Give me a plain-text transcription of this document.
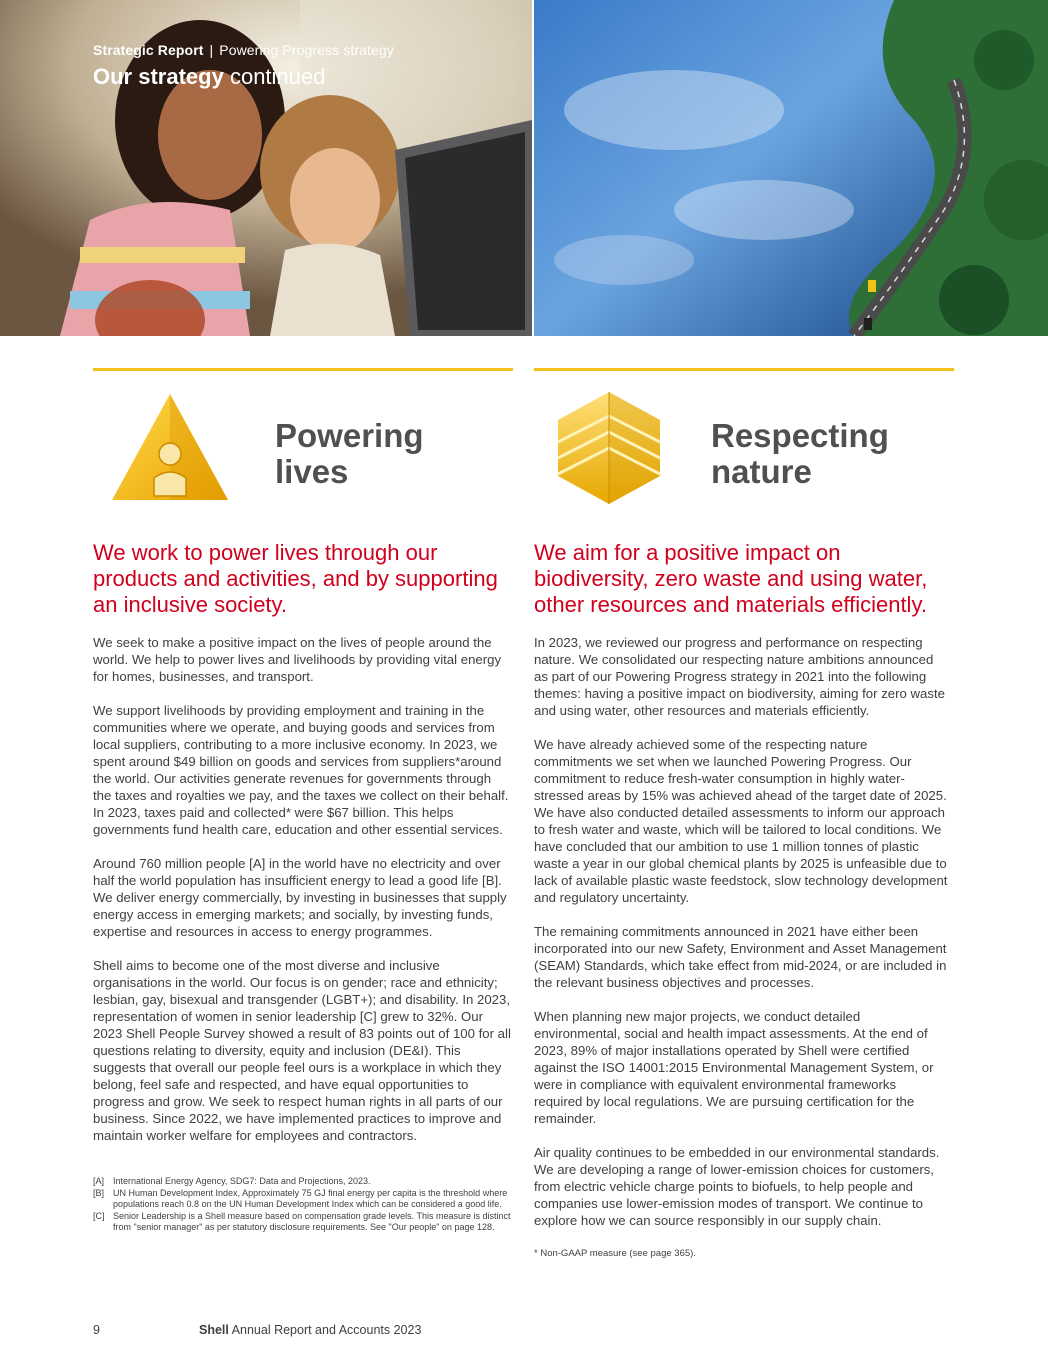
Strategic Report | Powering Progress strategy
Our strategy continued
Powering
lives
Respecting
nature
We work to power lives through our products and activities, and by supporting an inclusive society.
We aim for a positive impact on biodiversity, zero waste and using water, other resources and materials efficiently.

We seek to make a positive impact on the lives of people around the world. We help to power lives and livelihoods by providing vital energy for homes, businesses, and transport.

We support livelihoods by providing employment and training in the communities where we operate, and buying goods and services from local suppliers, contributing to a more inclusive economy. In 2023, we spent around $49 billion on goods and services from suppliers*around the world. Our activities generate revenues for governments through the taxes and royalties we pay, and the taxes we collect on their behalf. In 2023, taxes paid and collected* were $67 billion. This helps governments fund health care, education and other essential services.

Around 760 million people [A] in the world have no electricity and over half the world population has insufficient energy to lead a good life [B]. We deliver energy commercially, by investing in businesses that supply energy access in emerging markets; and socially, by investing funds, expertise and resources in access to energy programmes.

Shell aims to become one of the most diverse and inclusive organisations in the world. Our focus is on gender; race and ethnicity; lesbian, gay, bisexual and transgender (LGBT+); and disability. In 2023, representation of women in senior leadership [C] grew to 32%. Our 2023 Shell People Survey showed a result of 83 points out of 100 for all questions relating to diversity, equity and inclusion (DE&I). This suggests that overall our people feel ours is a workplace in which they belong, feel safe and respected, and have equal opportunities to progress and grow. We seek to respect human rights in all parts of our business. Since 2022, we have implemented practices to improve and maintain worker welfare for employees and contractors.

In 2023, we reviewed our progress and performance on respecting nature. We consolidated our respecting nature ambitions announced as part of our Powering Progress strategy in 2021 into the following themes: having a positive impact on biodiversity, aiming for zero waste and using water, other resources and materials efficiently.

We have already achieved some of the respecting nature commitments we set when we launched Powering Progress. Our commitment to reduce fresh-water consumption in highly water-stressed areas by 15% was achieved ahead of the target date of 2025. We have also conducted detailed assessments to inform our approach to fresh water and waste, which will be tailored to local conditions. We have concluded that our ambition to use 1 million tonnes of plastic waste a year in our global chemical plants by 2025 is unfeasible due to lack of available plastic waste feedstock, slow technology development and regulatory uncertainty.

The remaining commitments announced in 2021 have either been incorporated into our new Safety, Environment and Asset Management (SEAM) Standards, which take effect from mid-2024, or are included in the relevant business objectives and processes.

When planning new major projects, we conduct detailed environmental, social and health impact assessments. At the end of 2023, 89% of major installations operated by Shell were certified against the ISO 14001:2015 Environmental Management System, or were in compliance with equivalent environmental frameworks required by local regulations. We are pursuing certification for the remainder.

Air quality continues to be embedded in our environmental standards. We are developing a range of lower-emission choices for customers, from electric vehicle charge points to biofuels, to help people and companies use lower-emission modes of transport. We continue to explore how we can source responsibly in our supply chain.

[A] International Energy Agency, SDG7: Data and Projections, 2023.
[B] UN Human Development Index, Approximately 75 GJ final energy per capita is the threshold where populations reach 0.8 on the UN Human Development Index which can be considered a good life.
[C] Senior Leadership is a Shell measure based on compensation grade levels. This measure is distinct from "senior manager" as per statutory disclosure requirements. See "Our people" on page 128.
* Non-GAAP measure (see page 365).
9	Shell Annual Report and Accounts 2023
